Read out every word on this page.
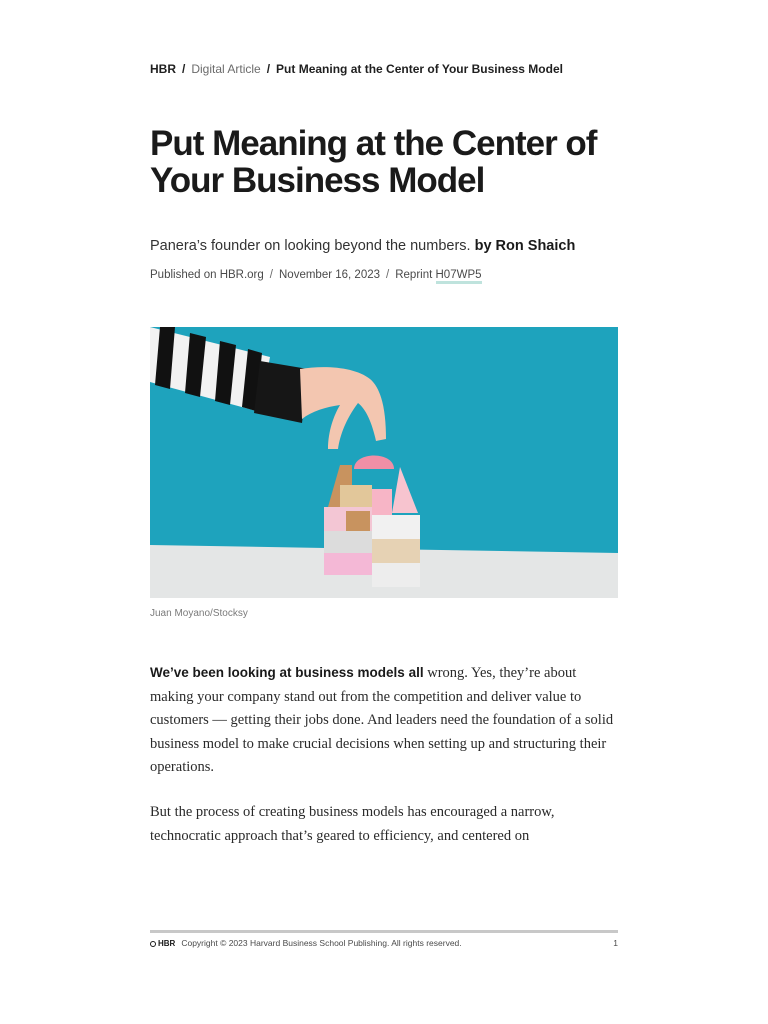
HBR / Digital Article / Put Meaning at the Center of Your Business Model
Put Meaning at the Center of Your Business Model
Panera’s founder on looking beyond the numbers. by Ron Shaich
Published on HBR.org / November 16, 2023 / Reprint H07WP5
Juan Moyano/Stocksy

We’ve been looking at business models all wrong. Yes, they’re about making your company stand out from the competition and deliver value to customers — getting their jobs done. And leaders need the foundation of a solid business model to make crucial decisions when setting up and structuring their operations.

But the process of creating business models has encouraged a narrow, technocratic approach that’s geared to efficiency, and centered on

HBR Copyright © 2023 Harvard Business School Publishing. All rights reserved.	1
